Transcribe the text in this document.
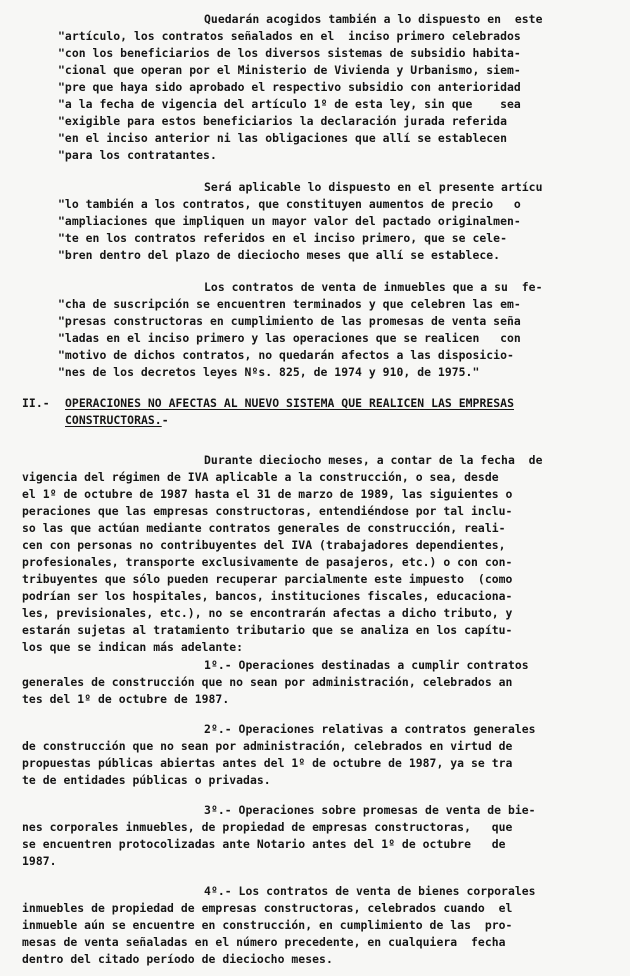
Quedarán acogidos también a lo dispuesto en  este
"artículo, los contratos señalados en el  inciso primero celebrados
"con los beneficiarios de los diversos sistemas de subsidio habita-
"cional que operan por el Ministerio de Vivienda y Urbanismo, siem-
"pre que haya sido aprobado el respectivo subsidio con anterioridad
"a la fecha de vigencia del artículo 1º de esta ley, sin que    sea
"exigible para estos beneficiarios la declaración jurada referida
"en el inciso anterior ni las obligaciones que allí se establecen
"para los contratantes.
Será aplicable lo dispuesto en el presente artícu
"lo también a los contratos, que constituyen aumentos de precio   o
"ampliaciones que impliquen un mayor valor del pactado originalmen-
"te en los contratos referidos en el inciso primero, que se cele-
"bren dentro del plazo de dieciocho meses que allí se establece.
Los contratos de venta de inmuebles que a su  fe-
"cha de suscripción se encuentren terminados y que celebren las em-
"presas constructoras en cumplimiento de las promesas de venta seña
"ladas en el inciso primero y las operaciones que se realicen   con
"motivo de dichos contratos, no quedarán afectos a las disposicio-
"nes de los decretos leyes Nºs. 825, de 1974 y 910, de 1975."
II.- OPERACIONES NO AFECTAS AL NUEVO SISTEMA QUE REALICEN LAS EMPRESAS
CONSTRUCTORAS.-
Durante dieciocho meses, a contar de la fecha  de
vigencia del régimen de IVA aplicable a la construcción, o sea, desde
el 1º de octubre de 1987 hasta el 31 de marzo de 1989, las siguientes o
peraciones que las empresas constructoras, entendiéndose por tal inclu-
so las que actúan mediante contratos generales de construcción, reali-
cen con personas no contribuyentes del IVA (trabajadores dependientes,
profesionales, transporte exclusivamente de pasajeros, etc.) o con con-
tribuyentes que sólo pueden recuperar parcialmente este impuesto  (como
podrían ser los hospitales, bancos, instituciones fiscales, educaciona-
les, previsionales, etc.), no se encontrarán afectas a dicho tributo, y
estarán sujetas al tratamiento tributario que se analiza en los capítu-
los que se indican más adelante:
1º.- Operaciones destinadas a cumplir contratos
generales de construcción que no sean por administración, celebrados an
tes del 1º de octubre de 1987.
2º.- Operaciones relativas a contratos generales
de construcción que no sean por administración, celebrados en virtud de
propuestas públicas abiertas antes del 1º de octubre de 1987, ya se tra
te de entidades públicas o privadas.
3º.- Operaciones sobre promesas de venta de bie-
nes corporales inmuebles, de propiedad de empresas constructoras,   que
se encuentren protocolizadas ante Notario antes del 1º de octubre   de
1987.
4º.- Los contratos de venta de bienes corporales
inmuebles de propiedad de empresas constructoras, celebrados cuando  el
inmueble aún se encuentre en construcción, en cumplimiento de las  pro-
mesas de venta señaladas en el número precedente, en cualquiera  fecha
dentro del citado período de dieciocho meses.
